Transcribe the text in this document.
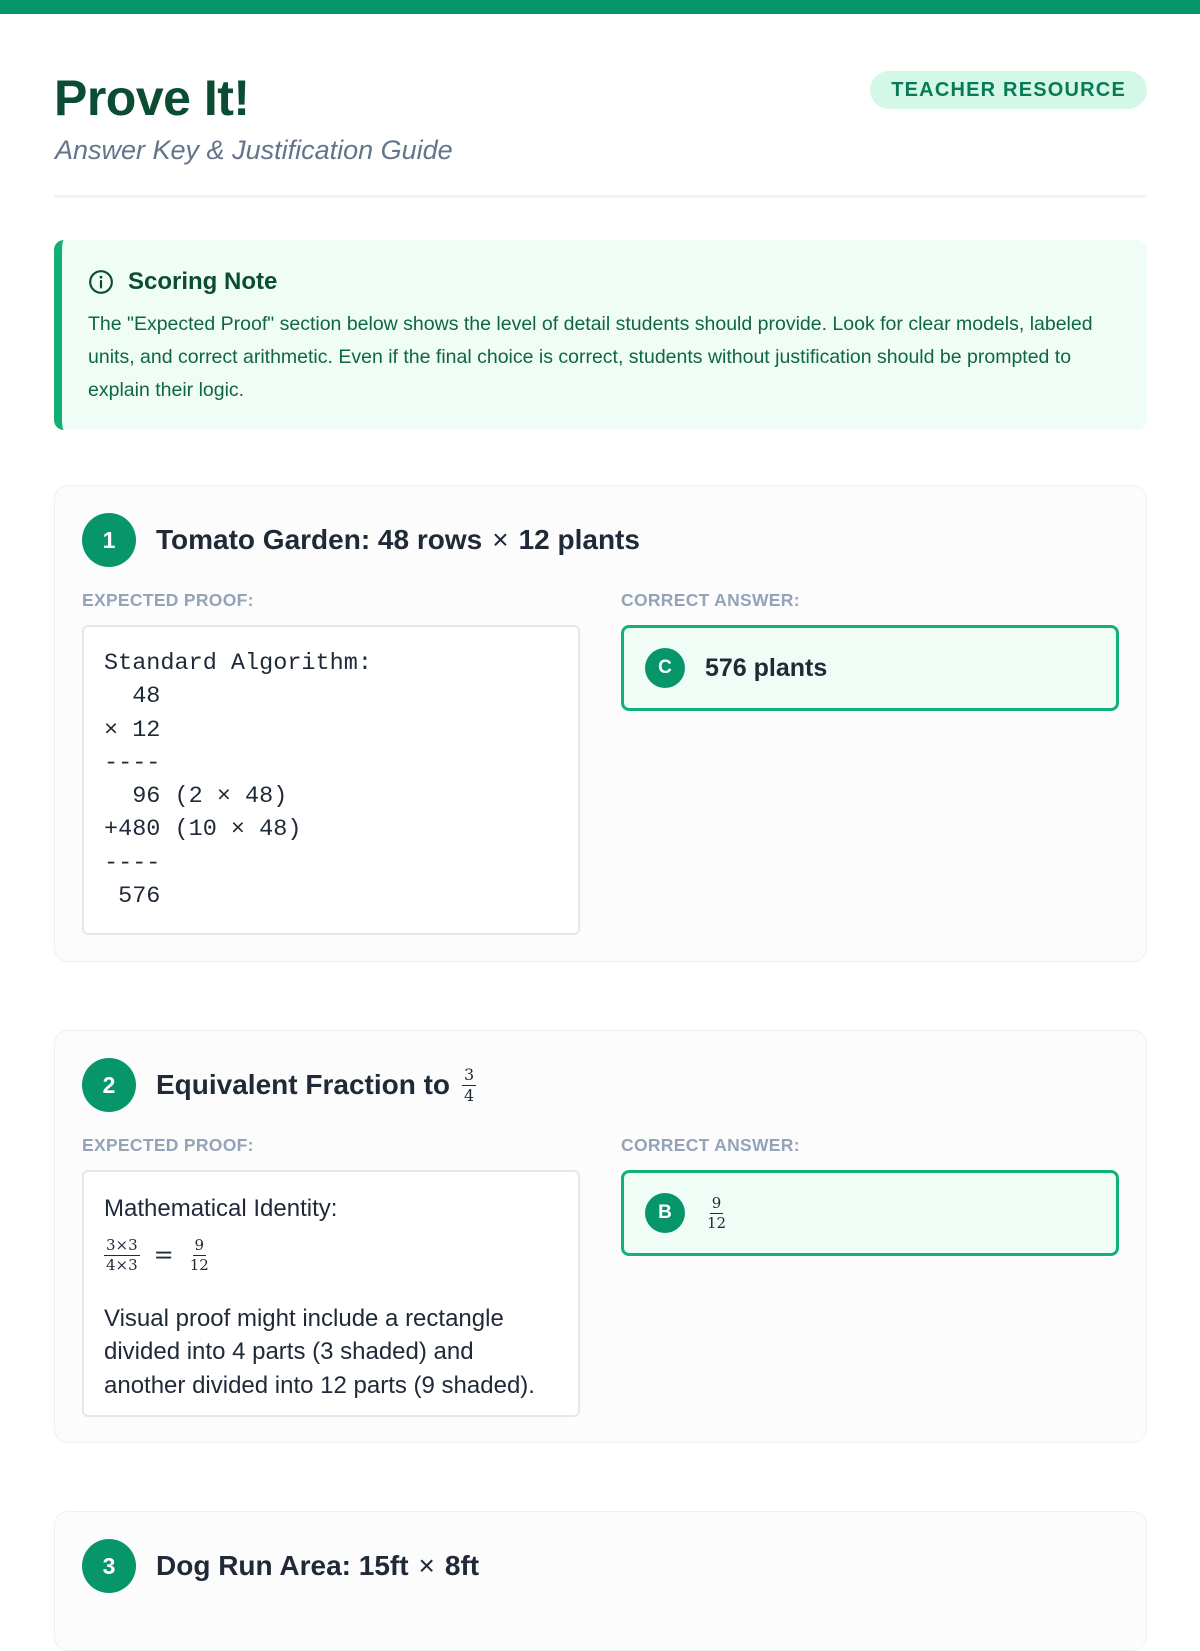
Prove It!
Answer Key & Justification Guide
TEACHER RESOURCE
Scoring Note
The "Expected Proof" section below shows the level of detail students should provide. Look for clear models, labeled units, and correct arithmetic. Even if the final choice is correct, students without justification should be prompted to explain their logic.
1	Tomato Garden: 48 rows × 12 plants
EXPECTED PROOF:	CORRECT ANSWER:
Standard Algorithm:
48
× 12
----
96 (2 × 48)
+480 (10 × 48)
----
576
C	576 plants
2	Equivalent Fraction to $\frac{3}{4}$
EXPECTED PROOF:	CORRECT ANSWER:
Mathematical Identity:
$\frac{3\times 3}{4\times 3} = \frac{9}{12}$
Visual proof might include a rectangle divided into 4 parts (3 shaded) and another divided into 12 parts (9 shaded).
B	$\frac{9}{12}$
3	Dog Run Area: 15ft × 8ft
